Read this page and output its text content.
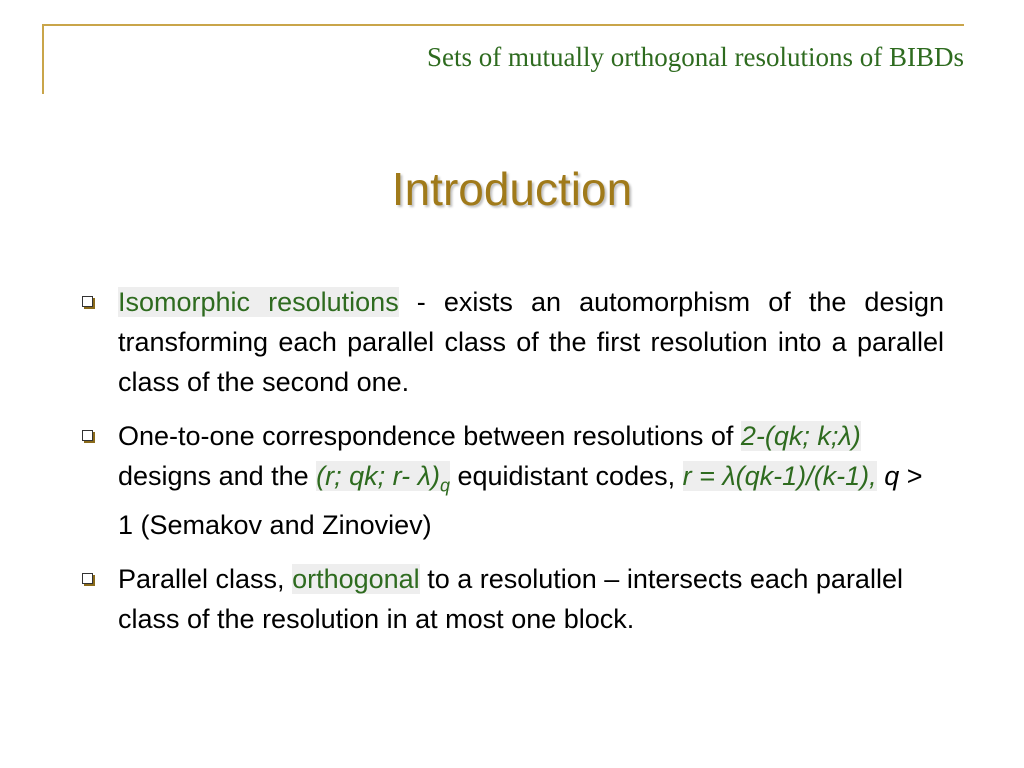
Sets of mutually orthogonal resolutions of BIBDs
Introduction
Isomorphic resolutions - exists an automorphism of the design transforming each parallel class of the first resolution into a parallel class of the second one.
One-to-one correspondence between resolutions of 2-(qk; k;λ) designs and the (r; qk; r- $\lambda)_q$ equidistant codes, r = λ(qk-1)/(k-1), q > 1 (Semakov and Zinoviev)
Parallel class, orthogonal to a resolution – intersects each parallel class of the resolution in at most one block.
